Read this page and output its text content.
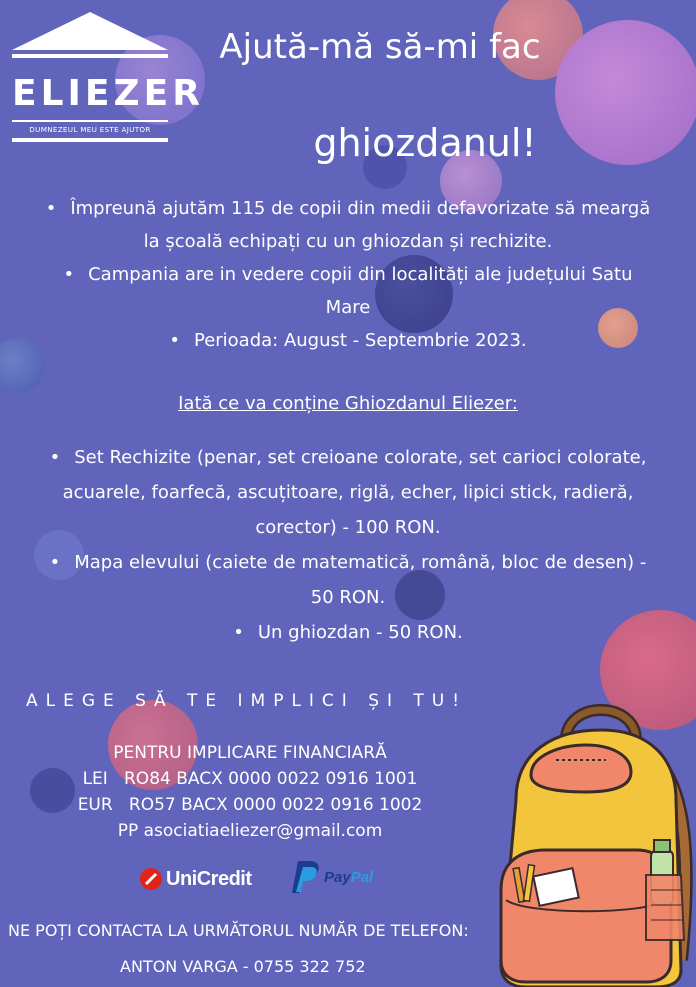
ELIEZER
DUMNEZEUL MEU ESTE AJUTOR
Ajută-mă să-mi fac
ghiozdanul!
• Împreună ajutăm 115 de copii din medii defavorizate să meargă
la școală echipați cu un ghiozdan și rechizite.
• Campania are in vedere copii din localități ale județului Satu
Mare
• Perioada: August - Septembrie 2023.
Iată ce va conține Ghiozdanul Eliezer:
• Set Rechizite (penar, set creioane colorate, set carioci colorate,
acuarele, foarfecă, ascuțitoare, riglă, echer, lipici stick, radieră,
corector) - 100 RON.
• Mapa elevului (caiete de matematică, română, bloc de desen) -
50 RON.
• Un ghiozdan - 50 RON.
ALEGE SĂ TE IMPLICI ȘI TU!
PENTRU IMPLICARE FINANCIARĂ
LEI   RO84 BACX 0000 0022 0916 1001
EUR   RO57 BACX 0000 0022 0916 1002
PP asociatiaeliezer@gmail.com
UniCredit	PayPal
NE POȚI CONTACTA LA URMĂTORUL NUMĂR DE TELEFON:
ANTON VARGA - 0755 322 752
